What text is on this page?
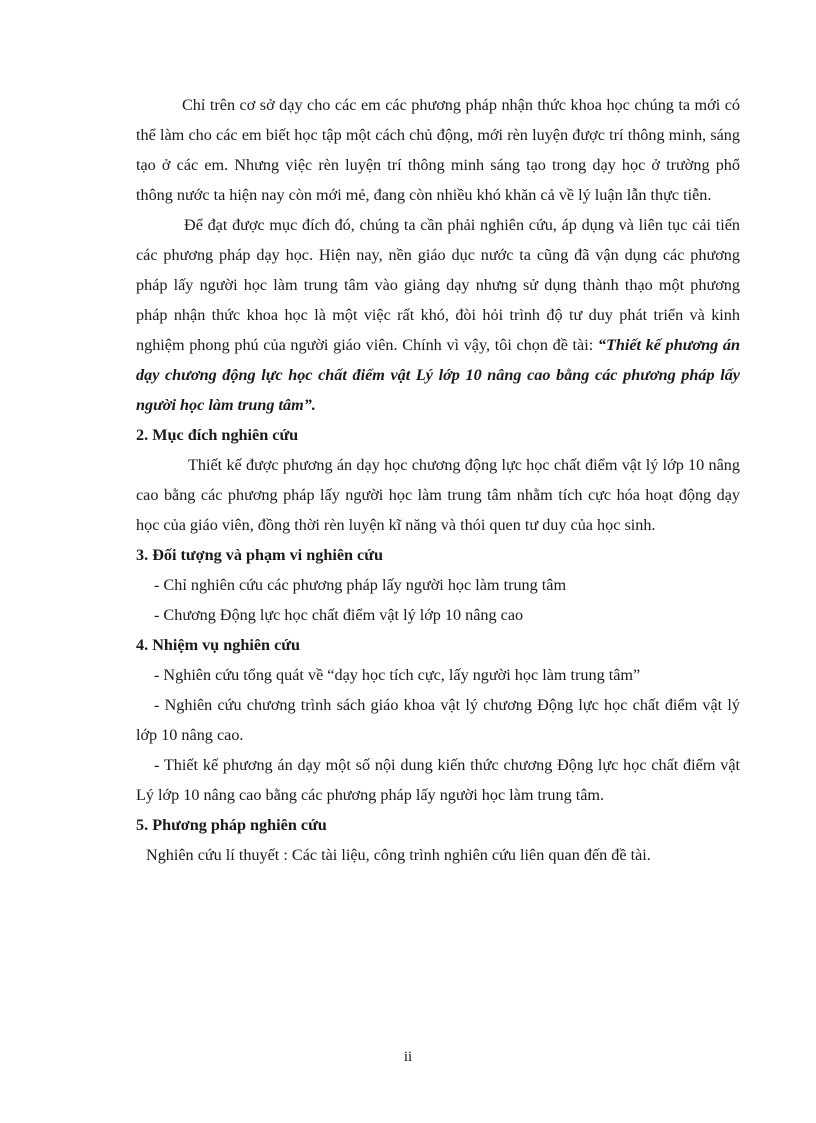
Chỉ trên cơ sở dạy cho các em các phương pháp nhận thức khoa học chúng ta mới có thể làm cho các em biết học tập một cách chủ động, mới rèn luyện được trí thông minh, sáng tạo ở các em. Nhưng việc rèn luyện trí thông minh sáng tạo trong dạy học ở trường phổ thông nước ta hiện nay còn mới mẻ, đang còn nhiều khó khăn cả về lý luận lẫn thực tiễn.

Để đạt được mục đích đó, chúng ta cần phải nghiên cứu, áp dụng và liên tục cải tiến các phương pháp dạy học. Hiện nay, nền giáo dục nước ta cũng đã vận dụng các phương pháp lấy người học làm trung tâm vào giảng dạy nhưng sử dụng thành thạo một phương pháp nhận thức khoa học là một việc rất khó, đòi hỏi trình độ tư duy phát triển và kinh nghiệm phong phú của người giáo viên. Chính vì vậy, tôi chọn đề tài: “Thiết kế phương án dạy chương động lực học chất điểm vật Lý lớp 10 nâng cao bằng các phương pháp lấy người học làm trung tâm”.

2. Mục đích nghiên cứu

Thiết kế được phương án dạy học chương động lực học chất điểm vật lý lớp 10 nâng cao bằng các phương pháp lấy người học làm trung tâm nhằm tích cực hóa hoạt động dạy học của giáo viên, đồng thời rèn luyện kĩ năng và thói quen tư duy của học sinh.

3. Đối tượng và phạm vi nghiên cứu

- Chỉ nghiên cứu các phương pháp lấy người học làm trung tâm

- Chương Động lực học chất điểm vật lý lớp 10 nâng cao

4. Nhiệm vụ nghiên cứu

- Nghiên cứu tổng quát về “dạy học tích cực, lấy người học làm trung tâm”

- Nghiên cứu chương trình sách giáo khoa vật lý chương Động lực học chất điểm vật lý lớp 10 nâng cao.

- Thiết kế phương án dạy một số nội dung kiến thức chương Động lực học chất điểm vật Lý lớp 10 nâng cao bằng các phương pháp lấy người học làm trung tâm.

5. Phương pháp nghiên cứu

Nghiên cứu lí thuyết : Các tài liệu, công trình nghiên cứu liên quan đến đề tài.

ii
